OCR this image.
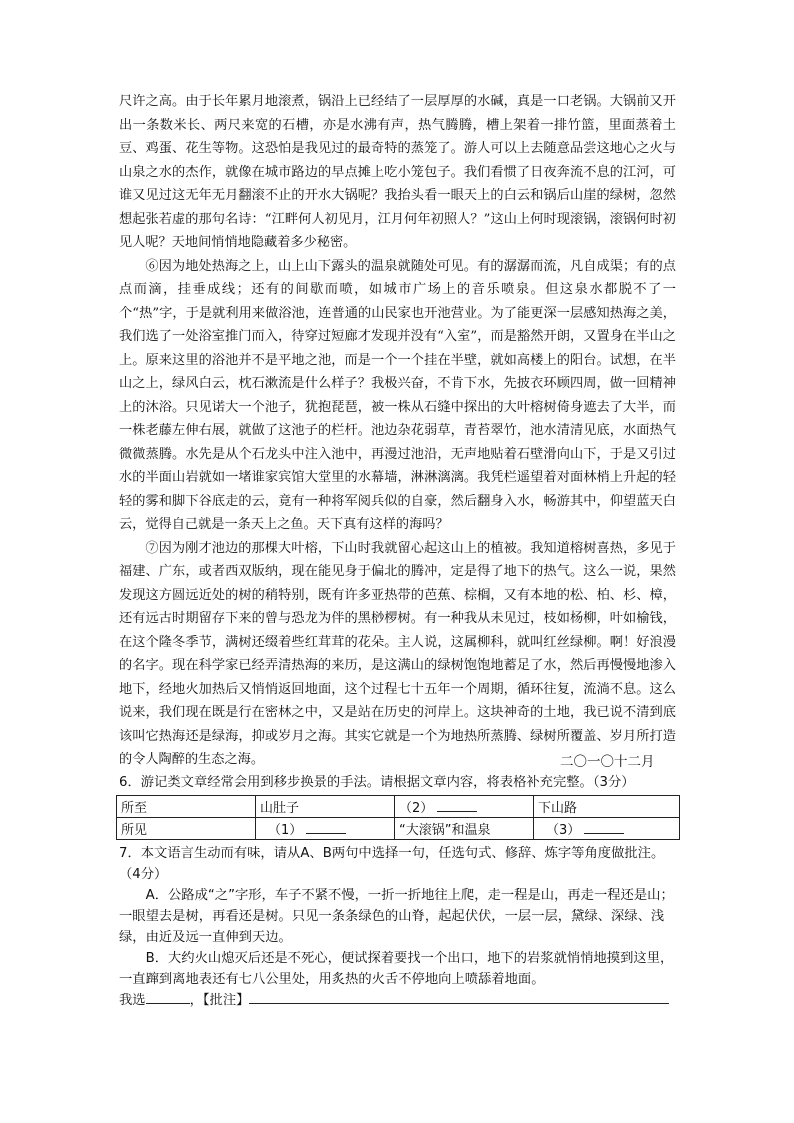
尺许之高。由于长年累月地滚煮，锅沿上已经结了一层厚厚的水碱，真是一口老锅。大锅前又开出一条数米长、两尺来宽的石槽，亦是水沸有声，热气腾腾，槽上架着一排竹篮，里面蒸着土豆、鸡蛋、花生等物。这恐怕是我见过的最奇特的蒸笼了。游人可以上去随意品尝这地心之火与山泉之水的杰作，就像在城市路边的早点摊上吃小笼包子。我们看惯了日夜奔流不息的江河，可谁又见过这无年无月翻滚不止的开水大锅呢？我抬头看一眼天上的白云和锅后山崖的绿树，忽然想起张若虚的那句名诗：“江畔何人初见月，江月何年初照人？”这山上何时现滚锅，滚锅何时初见人呢？天地间悄悄地隐藏着多少秘密。

⑥因为地处热海之上，山上山下露头的温泉就随处可见。有的潺潺而流，凡自成渠；有的点点而滴，挂垂成线；还有的间歇而喷，如城市广场上的音乐喷泉。但这泉水都脱不了一个“热”字，于是就利用来做浴池，连普通的山民家也开池营业。为了能更深一层感知热海之美，我们选了一处浴室推门而入，待穿过短廊才发现并没有“入室”，而是豁然开朗，又置身在半山之上。原来这里的浴池并不是平地之池，而是一个一个挂在半壁，就如高楼上的阳台。试想，在半山之上，绿风白云，枕石漱流是什么样子？我极兴奋，不肯下水，先披衣环顾四周，做一回精神上的沐浴。只见诺大一个池子，犹抱琵琶，被一株从石缝中探出的大叶榕树倚身遮去了大半，而一株老藤左伸右展，就做了这池子的栏杆。池边杂花弱草，青苔翠竹，池水清清见底，水面热气微微蒸腾。水先是从个石龙头中注入池中，再漫过池沿，无声地贴着石壁滑向山下，于是又引过水的半面山岩就如一堵谁家宾馆大堂里的水幕墙，淋淋漓漓。我凭栏遥望着对面林梢上升起的轻轻的雾和脚下谷底走的云，竟有一种将军阅兵似的自豪，然后翻身入水，畅游其中，仰望蓝天白云，觉得自己就是一条天上之鱼。天下真有这样的海吗？

⑦因为刚才池边的那棵大叶榕，下山时我就留心起这山上的植被。我知道榕树喜热，多见于福建、广东，或者西双版纳，现在能见身于偏北的腾冲，定是得了地下的热气。这么一说，果然发现这方圆远近处的树的稍特别，既有许多亚热带的芭蕉、棕榈，又有本地的松、柏、杉、樟，还有远古时期留存下来的曾与恐龙为伴的黑桫椤树。有一种我从未见过，枝如杨柳，叶如榆钱，在这个隆冬季节，满树还缀着些红茸茸的花朵。主人说，这属柳科，就叫红丝绿柳。啊！好浪漫的名字。现在科学家已经弄清热海的来历，是这满山的绿树饱饱地蓄足了水，然后再慢慢地渗入地下，经地火加热后又悄悄返回地面，这个过程七十五年一个周期，循环往复，流淌不息。这么说来，我们现在既是行在密林之中，又是站在历史的河岸上。这块神奇的土地，我已说不清到底该叫它热海还是绿海，抑或岁月之海。其实它就是一个为地热所蒸腾、绿树所覆盖、岁月所打造的令人陶醉的生态之海。	二〇一〇十二月
6．游记类文章经常会用到移步换景的手法。请根据文章内容，将表格补充完整。（3分）
所至	山肚子	（2）	下山路
所见	（1）	“大滚锅”和温泉	（3）
7．本文语言生动而有味，请从A、B两句中选择一句，任选句式、修辞、炼字等角度做批注。（4分）
A．公路成“之”字形，车子不紧不慢，一折一折地往上爬，走一程是山，再走一程还是山；一眼望去是树，再看还是树。只见一条条绿色的山脊，起起伏伏，一层一层，黛绿、深绿、浅绿，由近及远一直伸到天边。
B．大约火山熄灭后还是不死心，便试探着要找一个出口，地下的岩浆就悄悄地摸到这里，一直蹿到离地表还有七八公里处，用炙热的火舌不停地向上喷舔着地面。
我选	，【批注】
